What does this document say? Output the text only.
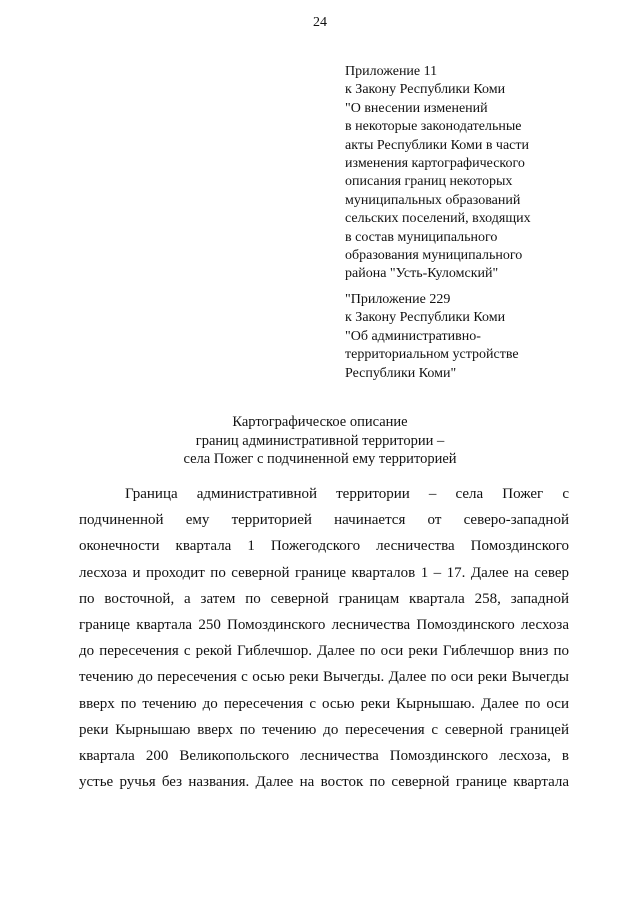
24
Приложение 11
к Закону Республики Коми
"О внесении изменений
в некоторые законодательные
акты Республики Коми в части
изменения картографического
описания границ некоторых
муниципальных образований
сельских поселений, входящих
в состав муниципального
образования муниципального
района "Усть-Куломский"
"Приложение 229
к Закону Республики Коми
"Об административно-
территориальном устройстве
Республики Коми"
Картографическое описание
границ административной территории –
села Пожег с подчиненной ему территорией
Граница административной территории – села Пожег с
подчиненной ему территорией начинается от северо-западной
оконечности квартала 1 Пожегодского лесничества Помоздинского
лесхоза и проходит по северной границе кварталов 1 – 17. Далее на север
по восточной, а затем по северной границам квартала 258, западной
границе квартала 250 Помоздинского лесничества Помоздинского лесхоза
до пересечения с рекой Гиблечшор. Далее по оси реки Гиблечшор вниз по
течению до пересечения с осью реки Вычегды. Далее по оси реки Вычегды
вверх по течению до пересечения с осью реки Кырнышаю. Далее по оси
реки Кырнышаю вверх по течению до пересечения с северной границей
квартала 200 Великопольского лесничества Помоздинского лесхоза, в
устье ручья без названия. Далее на восток по северной границе квартала
